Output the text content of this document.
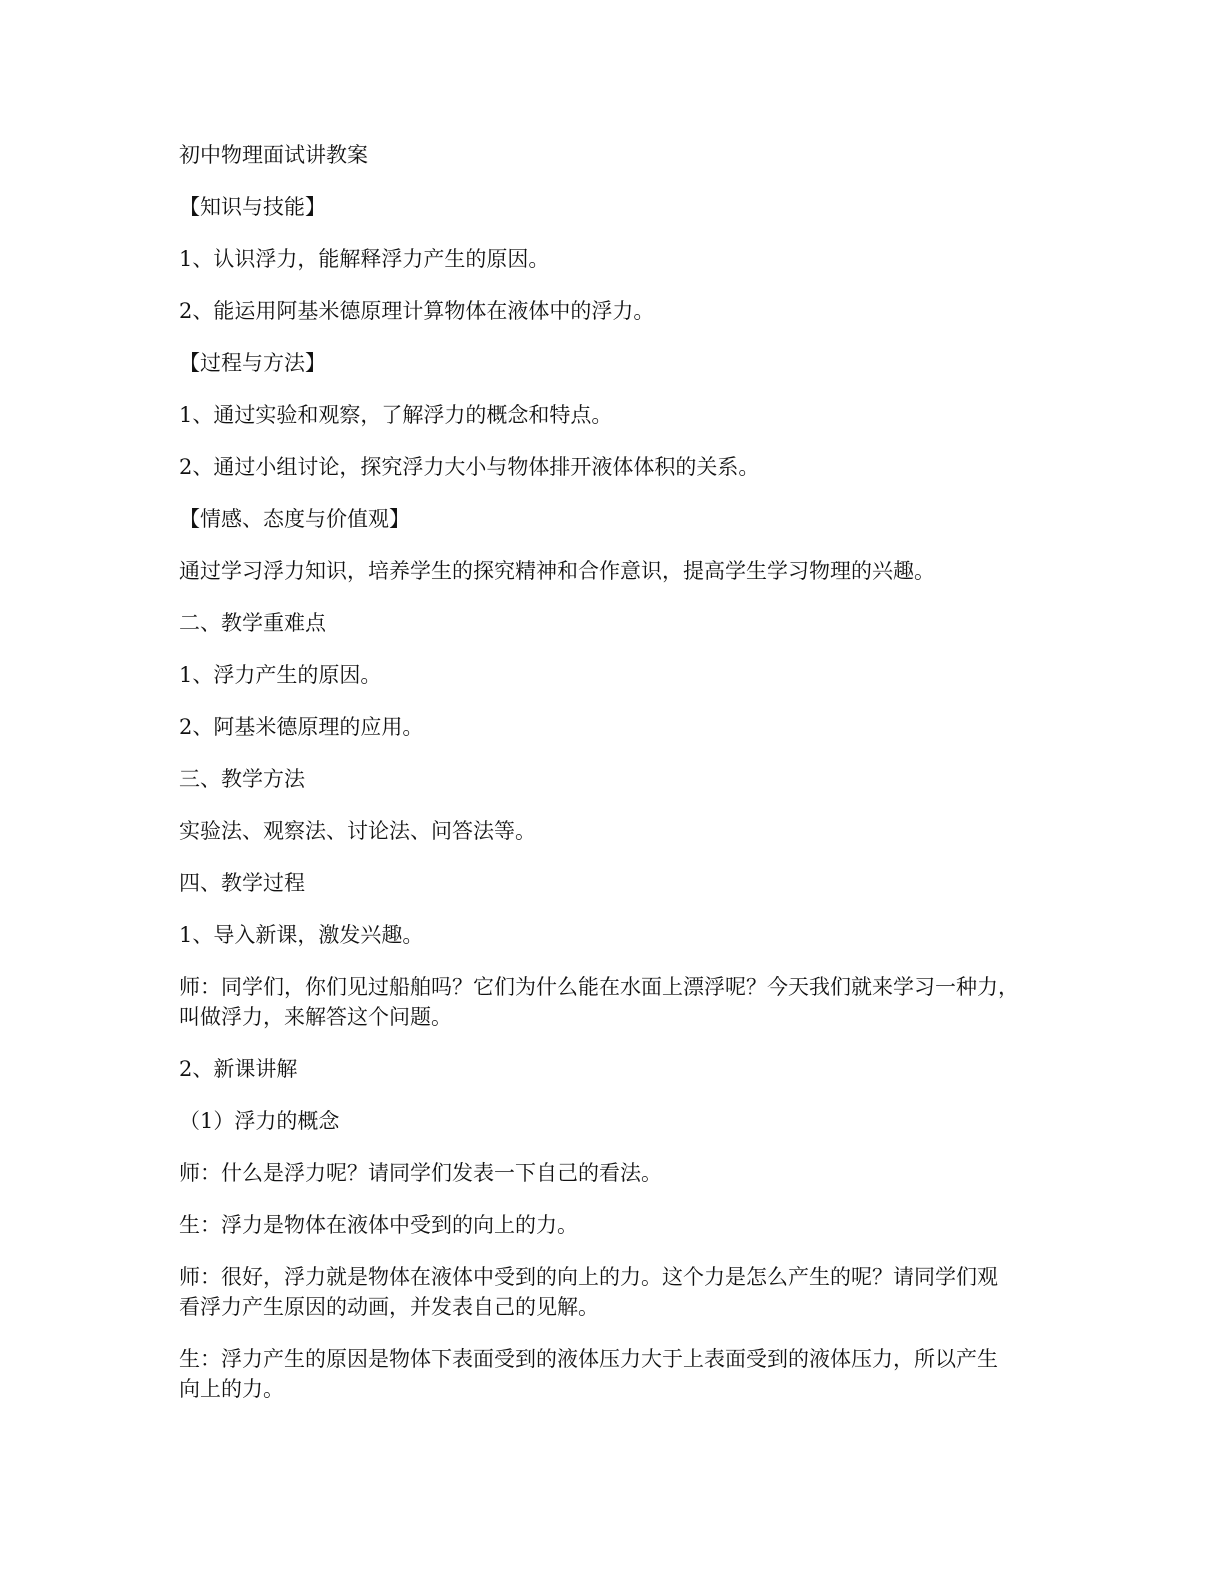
初中物理面试讲教案

【知识与技能】

1、认识浮力，能解释浮力产生的原因。

2、能运用阿基米德原理计算物体在液体中的浮力。

【过程与方法】

1、通过实验和观察，了解浮力的概念和特点。

2、通过小组讨论，探究浮力大小与物体排开液体体积的关系。

【情感、态度与价值观】

通过学习浮力知识，培养学生的探究精神和合作意识，提高学生学习物理的兴趣。

二、教学重难点

1、浮力产生的原因。

2、阿基米德原理的应用。

三、教学方法

实验法、观察法、讨论法、问答法等。

四、教学过程

1、导入新课，激发兴趣。

师：同学们，你们见过船舶吗？它们为什么能在水面上漂浮呢？今天我们就来学习一种力，
叫做浮力，来解答这个问题。

2、新课讲解

（1）浮力的概念

师：什么是浮力呢？请同学们发表一下自己的看法。

生：浮力是物体在液体中受到的向上的力。

师：很好，浮力就是物体在液体中受到的向上的力。这个力是怎么产生的呢？请同学们观
看浮力产生原因的动画，并发表自己的见解。

生：浮力产生的原因是物体下表面受到的液体压力大于上表面受到的液体压力，所以产生
向上的力。
